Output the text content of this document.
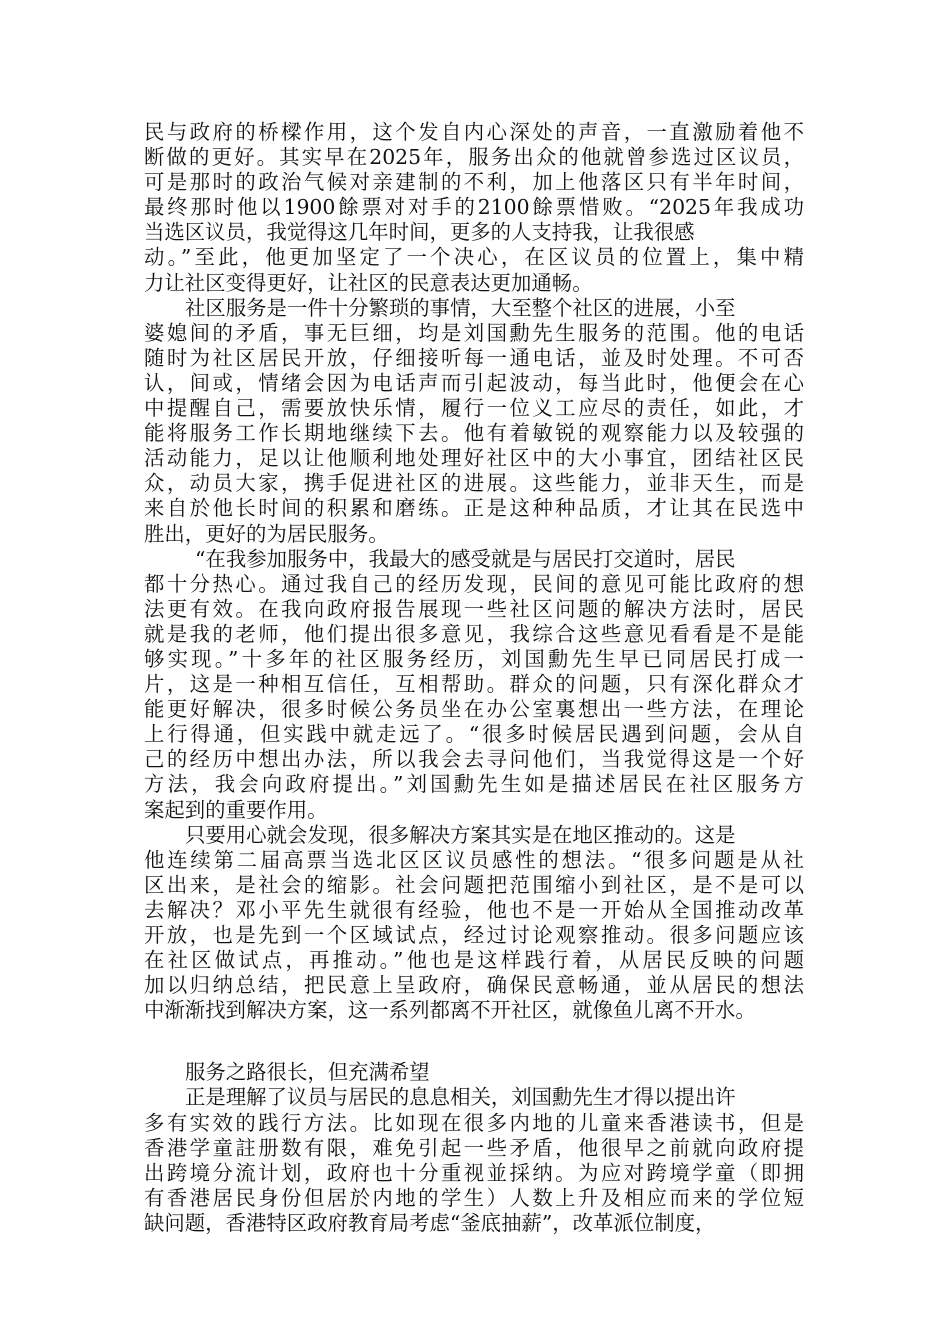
民与政府的桥樑作用，这个发自内心深处的声音，一直激励着他不
断做的更好。其实早在2025年，服务出众的他就曾参选过区议员，
可是那时的政治气候对亲建制的不利，加上他落区只有半年时间，
最终那时他以1900餘票对对手的2100餘票惜败。“2025年我成功
当选区议员，我觉得这几年时间，更多的人支持我，让我很感
动。”至此，他更加坚定了一个决心，在区议员的位置上，集中精
力让社区变得更好，让社区的民意表达更加通畅。
社区服务是一件十分繁琐的事情，大至整个社区的进展，小至
婆媳间的矛盾，事无巨细，均是刘国勳先生服务的范围。他的电话
随时为社区居民开放，仔细接听每一通电话，並及时处理。不可否
认，间或，情绪会因为电话声而引起波动，每当此时，他便会在心
中提醒自己，需要放快乐情，履行一位义工应尽的责任，如此，才
能将服务工作长期地继续下去。他有着敏锐的观察能力以及较强的
活动能力，足以让他顺利地处理好社区中的大小事宜，团结社区民
众，动员大家，携手促进社区的进展。这些能力，並非天生，而是
来自於他长时间的积累和磨练。正是这种种品质，才让其在民选中
胜出，更好的为居民服务。
“在我参加服务中，我最大的感受就是与居民打交道时，居民
都十分热心。通过我自己的经历发现，民间的意见可能比政府的想
法更有效。在我向政府报告展现一些社区问题的解决方法时，居民
就是我的老师，他们提出很多意见，我综合这些意见看看是不是能
够实现。”十多年的社区服务经历，刘国勳先生早已同居民打成一
片，这是一种相互信任，互相帮助。群众的问题，只有深化群众才
能更好解决，很多时候公务员坐在办公室裏想出一些方法，在理论
上行得通，但实践中就走远了。“很多时候居民遇到问题，会从自
己的经历中想出办法，所以我会去寻问他们，当我觉得这是一个好
方法，我会向政府提出。”刘国勳先生如是描述居民在社区服务方
案起到的重要作用。
只要用心就会发现，很多解决方案其实是在地区推动的。这是
他连续第二届高票当选北区区议员感性的想法。“很多问题是从社
区出来，是社会的缩影。社会问题把范围缩小到社区，是不是可以
去解决？邓小平先生就很有经验，他也不是一开始从全国推动改革
开放，也是先到一个区域试点，经过讨论观察推动。很多问题应该
在社区做试点，再推动。”他也是这样践行着，从居民反映的问题
加以归纳总结，把民意上呈政府，确保民意畅通，並从居民的想法
中渐渐找到解决方案，这一系列都离不开社区，就像鱼儿离不开水。
服务之路很长，但充满希望
正是理解了议员与居民的息息相关，刘国勳先生才得以提出许
多有实效的践行方法。比如现在很多内地的儿童来香港读书，但是
香港学童註册数有限，难免引起一些矛盾，他很早之前就向政府提
出跨境分流计划，政府也十分重视並採纳。为应对跨境学童（即拥
有香港居民身份但居於内地的学生）人数上升及相应而来的学位短
缺问题，香港特区政府教育局考虑“釜底抽薪”，改革派位制度，
